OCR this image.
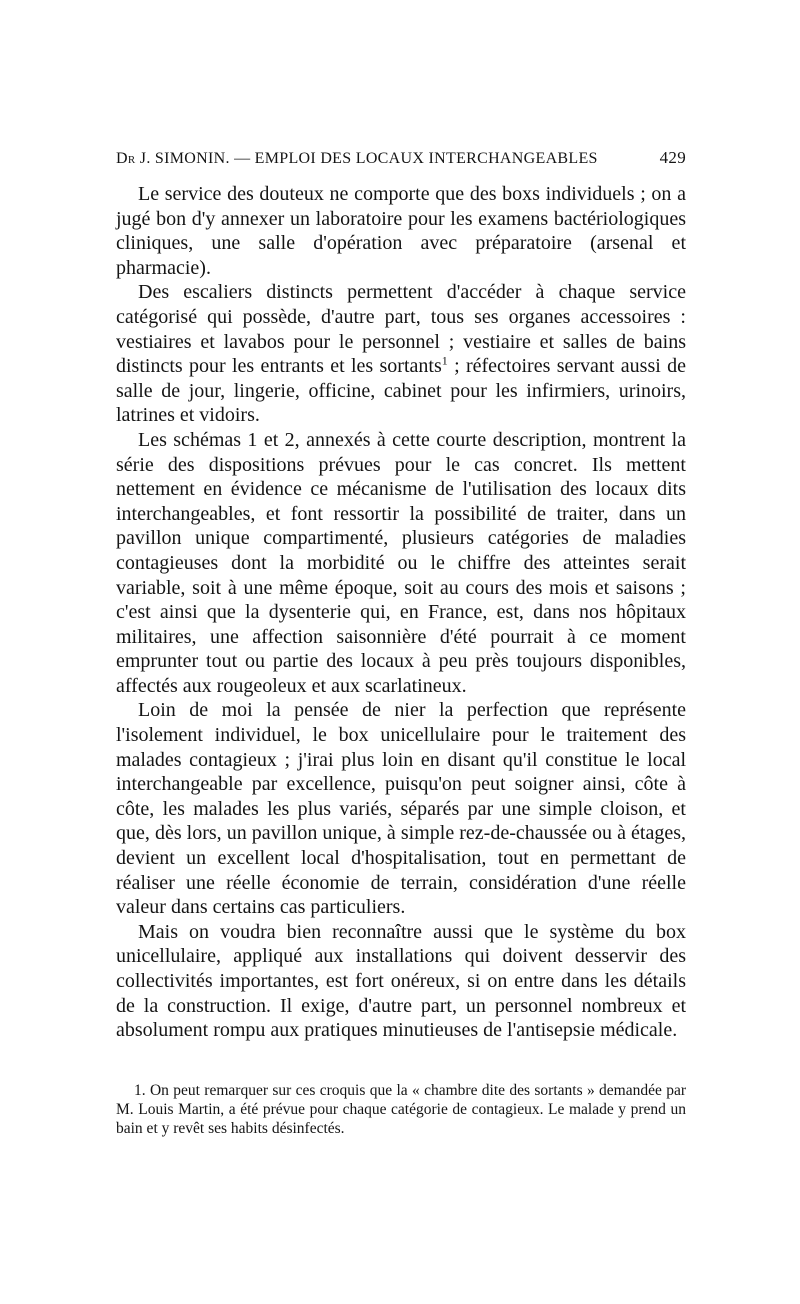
Dr J. SIMONIN. — EMPLOI DES LOCAUX INTERCHANGEABLES	429

Le service des douteux ne comporte que des boxs individuels ; on a jugé bon d'y annexer un laboratoire pour les examens bactériologiques cliniques, une salle d'opération avec préparatoire (arsenal et pharmacie).

Des escaliers distincts permettent d'accéder à chaque service catégorisé qui possède, d'autre part, tous ses organes accessoires : vestiaires et lavabos pour le personnel ; vestiaire et salles de bains distincts pour les entrants et les sortants$^1$ ; réfectoires servant aussi de salle de jour, lingerie, officine, cabinet pour les infirmiers, urinoirs, latrines et vidoirs.

Les schémas 1 et 2, annexés à cette courte description, montrent la série des dispositions prévues pour le cas concret. Ils mettent nettement en évidence ce mécanisme de l'utilisation des locaux dits interchangeables, et font ressortir la possibilité de traiter, dans un pavillon unique compartimenté, plusieurs catégories de maladies contagieuses dont la morbidité ou le chiffre des atteintes serait variable, soit à une même époque, soit au cours des mois et saisons ; c'est ainsi que la dysenterie qui, en France, est, dans nos hôpitaux militaires, une affection saisonnière d'été pourrait à ce moment emprunter tout ou partie des locaux à peu près toujours disponibles, affectés aux rougeoleux et aux scarlatineux.

Loin de moi la pensée de nier la perfection que représente l'isolement individuel, le box unicellulaire pour le traitement des malades contagieux ; j'irai plus loin en disant qu'il constitue le local interchangeable par excellence, puisqu'on peut soigner ainsi, côte à côte, les malades les plus variés, séparés par une simple cloison, et que, dès lors, un pavillon unique, à simple rez-de-chaussée ou à étages, devient un excellent local d'hospitalisation, tout en permettant de réaliser une réelle économie de terrain, considération d'une réelle valeur dans certains cas particuliers.

Mais on voudra bien reconnaître aussi que le système du box unicellulaire, appliqué aux installations qui doivent desservir des collectivités importantes, est fort onéreux, si on entre dans les détails de la construction. Il exige, d'autre part, un personnel nombreux et absolument rompu aux pratiques minutieuses de l'antisepsie médicale.

1. On peut remarquer sur ces croquis que la « chambre dite des sortants » demandée par M. Louis Martin, a été prévue pour chaque catégorie de contagieux. Le malade y prend un bain et y revêt ses habits désinfectés.
